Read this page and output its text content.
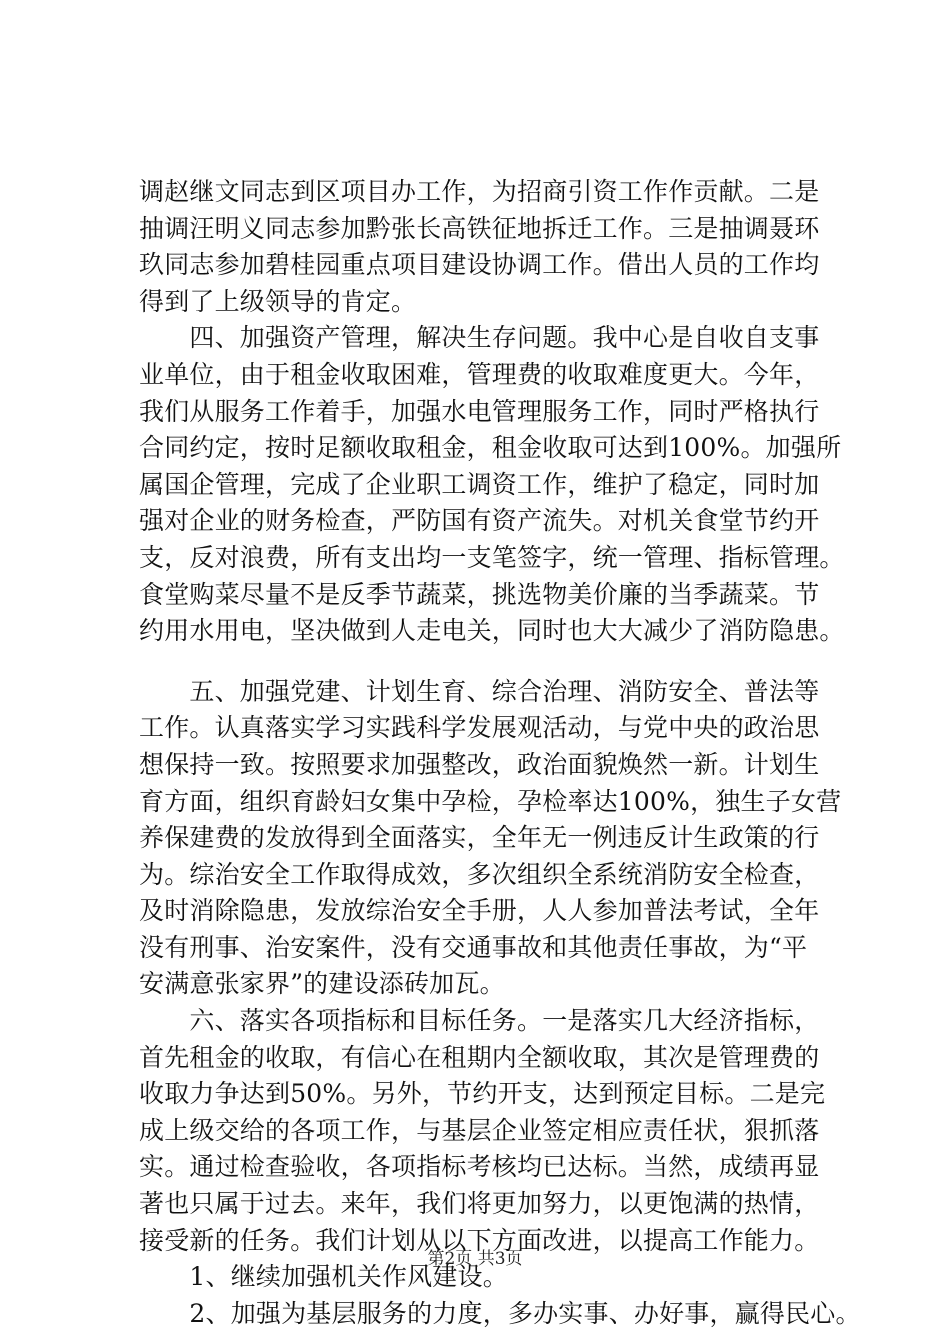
调赵继文同志到区项目办工作，为招商引资工作作贡献。二是
抽调汪明义同志参加黔张长高铁征地拆迁工作。三是抽调聂环
玖同志参加碧桂园重点项目建设协调工作。借出人员的工作均
得到了上级领导的肯定。
　　四、加强资产管理，解决生存问题。我中心是自收自支事
业单位，由于租金收取困难，管理费的收取难度更大。今年，
我们从服务工作着手，加强水电管理服务工作，同时严格执行
合同约定，按时足额收取租金，租金收取可达到100%。加强所
属国企管理，完成了企业职工调资工作，维护了稳定，同时加
强对企业的财务检查，严防国有资产流失。对机关食堂节约开
支，反对浪费，所有支出均一支笔签字，统一管理、指标管理。
食堂购菜尽量不是反季节蔬菜，挑选物美价廉的当季蔬菜。节
约用水用电，坚决做到人走电关，同时也大大减少了消防隐患。
　　五、加强党建、计划生育、综合治理、消防安全、普法等
工作。认真落实学习实践科学发展观活动，与党中央的政治思
想保持一致。按照要求加强整改，政治面貌焕然一新。计划生
育方面，组织育龄妇女集中孕检，孕检率达100%，独生子女营
养保建费的发放得到全面落实，全年无一例违反计生政策的行
为。综治安全工作取得成效，多次组织全系统消防安全检查，
及时消除隐患，发放综治安全手册，人人参加普法考试，全年
没有刑事、治安案件，没有交通事故和其他责任事故，为“平
安满意张家界”的建设添砖加瓦。
　　六、落实各项指标和目标任务。一是落实几大经济指标，
首先租金的收取，有信心在租期内全额收取，其次是管理费的
收取力争达到50%。另外，节约开支，达到预定目标。二是完
成上级交给的各项工作，与基层企业签定相应责任状，狠抓落
实。通过检查验收，各项指标考核均已达标。当然，成绩再显
著也只属于过去。来年，我们将更加努力，以更饱满的热情，
接受新的任务。我们计划从以下方面改进，以提高工作能力。
　　1、继续加强机关作风建设。
　　2、加强为基层服务的力度，多办实事、办好事，赢得民心。
第2页 共3页
